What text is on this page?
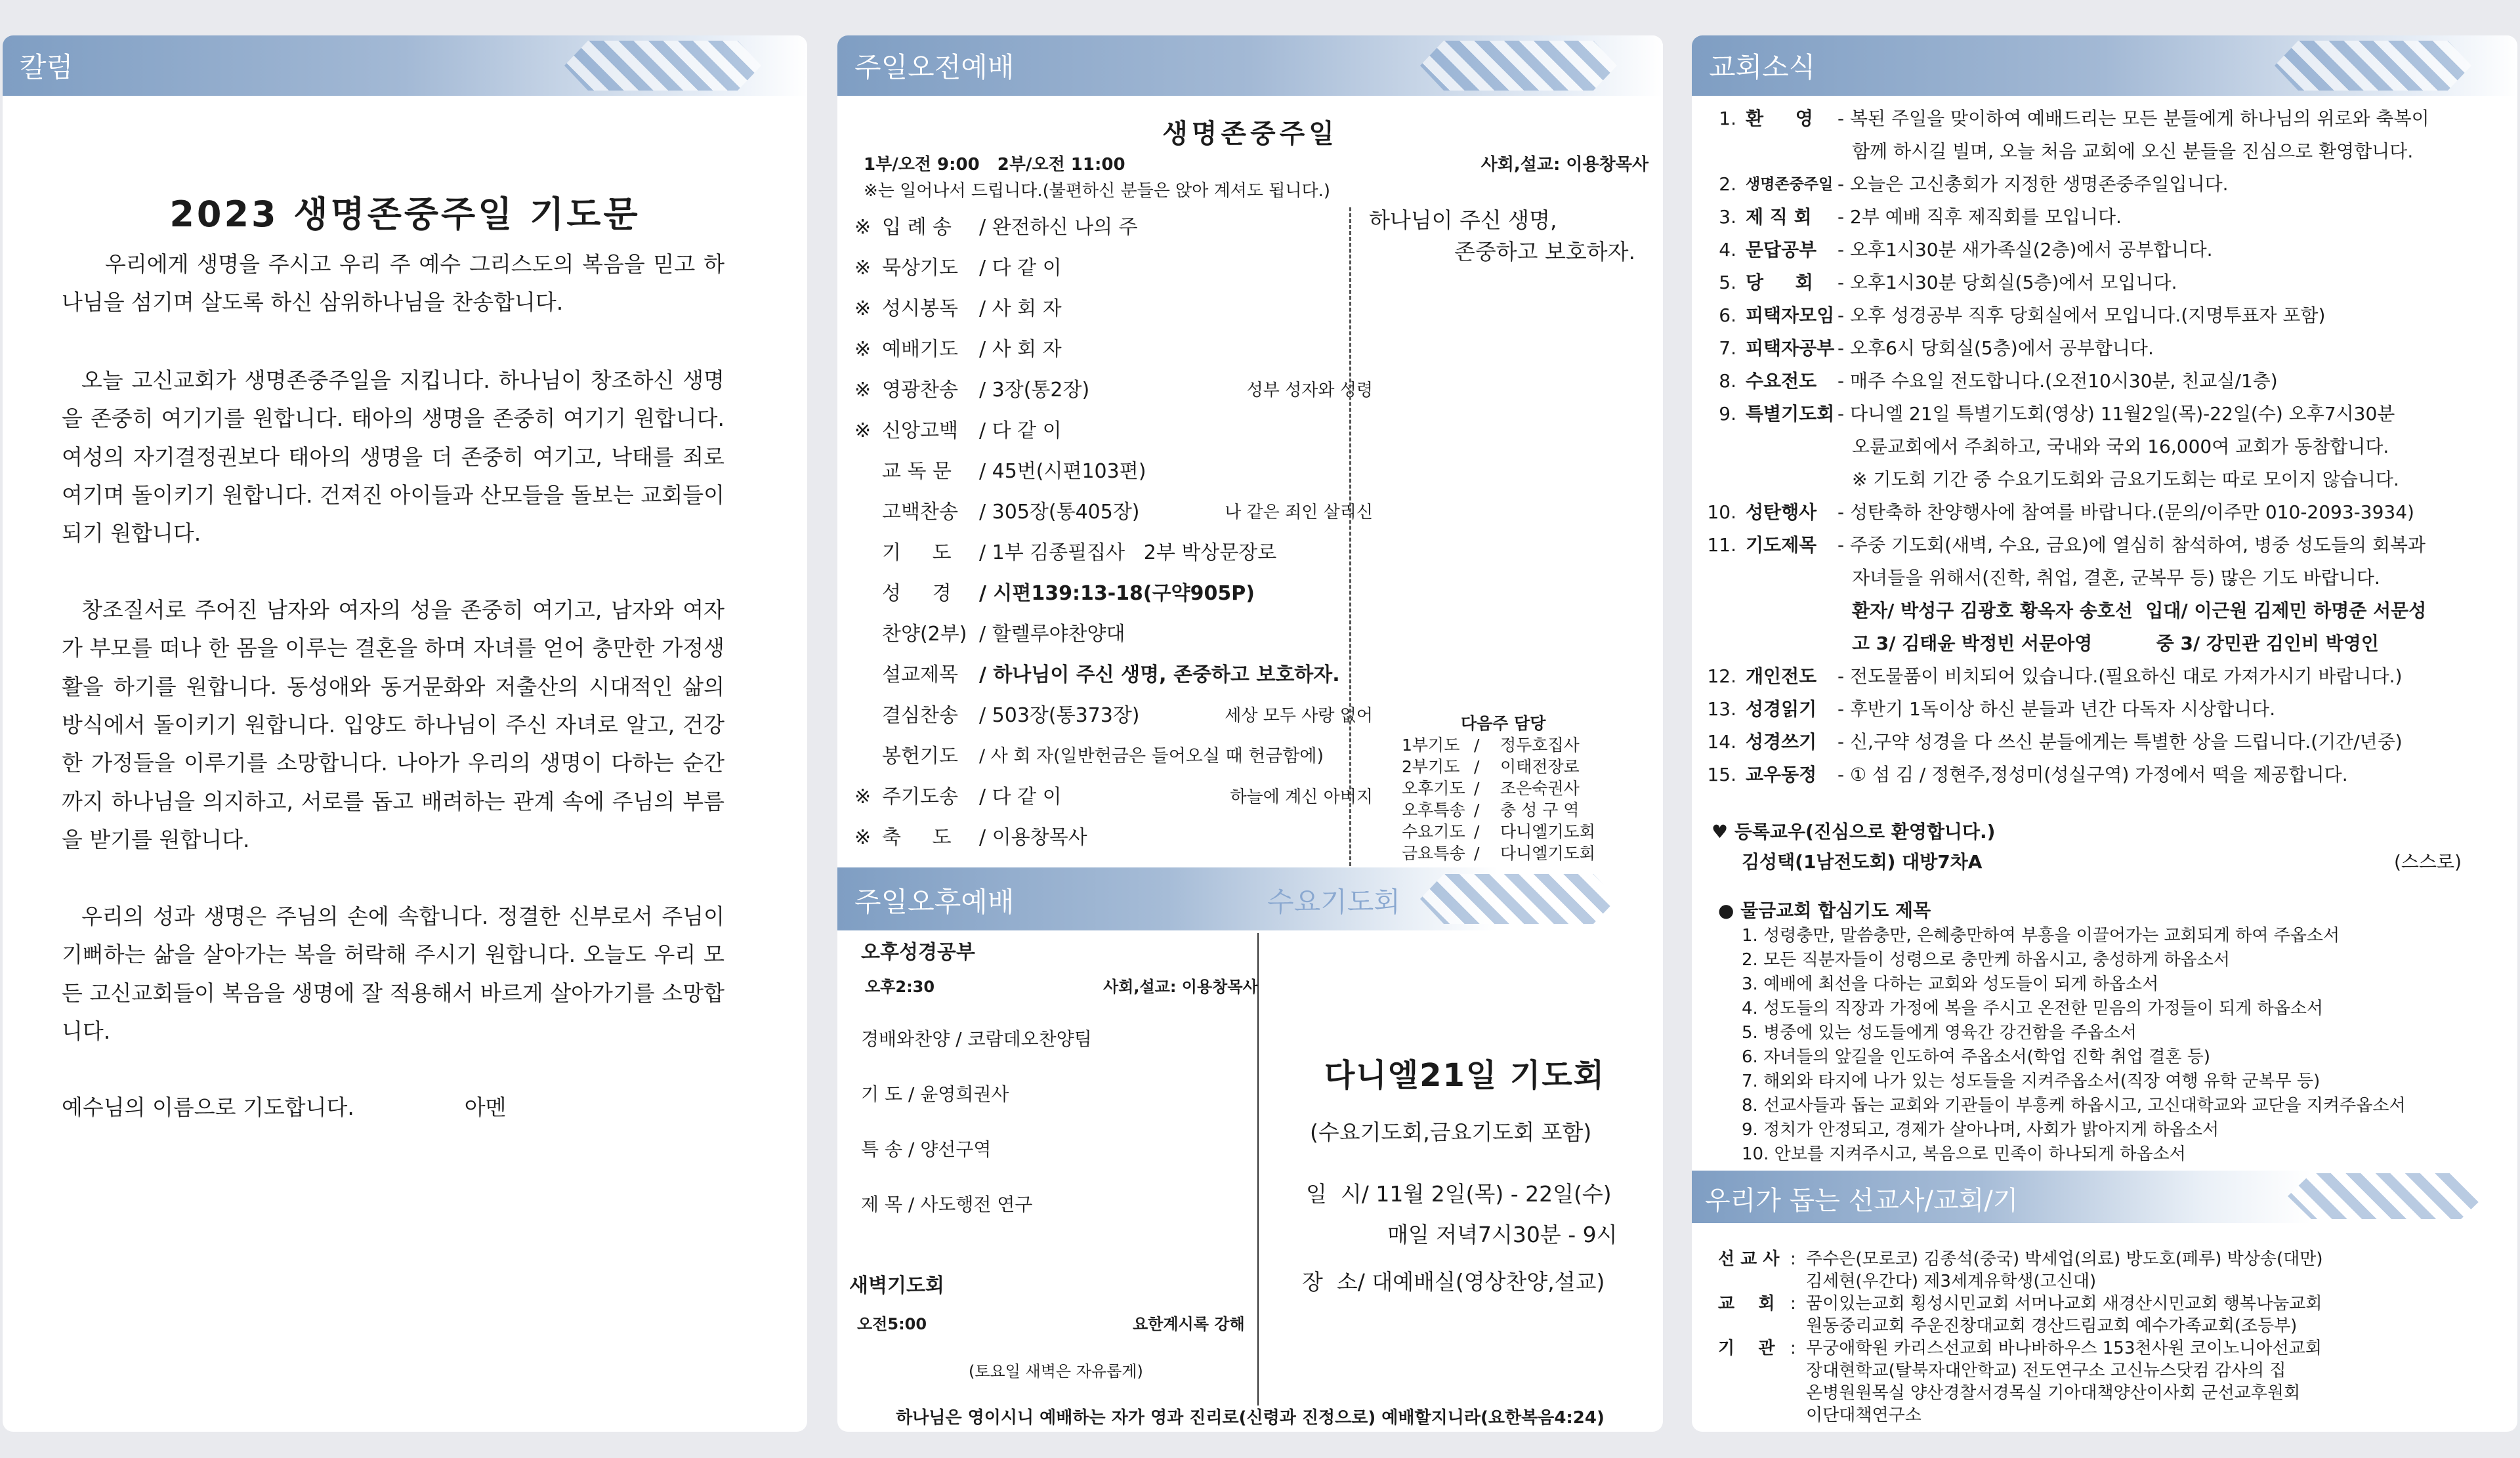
칼럼
2023 생명존중주일 기도문

우리에게 생명을 주시고 우리 주 예수 그리스도의 복음을 믿고 하나님을 섬기며 살도록 하신 삼위하나님을 찬송합니다.

오늘 고신교회가 생명존중주일을 지킵니다. 하나님이 창조하신 생명을 존중히 여기기를 원합니다. 태아의 생명을 존중히 여기기 원합니다. 여성의 자기결정권보다 태아의 생명을 더 존중히 여기고, 낙태를 죄로 여기며 돌이키기 원합니다. 건져진 아이들과 산모들을 돌보는 교회들이 되기 원합니다.

창조질서로 주어진 남자와 여자의 성을 존중히 여기고, 남자와 여자가 부모를 떠나 한 몸을 이루는 결혼을 하며 자녀를 얻어 충만한 가정생활을 하기를 원합니다. 동성애와 동거문화와 저출산의 시대적인 삶의 방식에서 돌이키기 원합니다. 입양도 하나님이 주신 자녀로 알고, 건강한 가정들을 이루기를 소망합니다. 나아가 우리의 생명이 다하는 순간까지 하나님을 의지하고, 서로를 돕고 배려하는 관계 속에 주님의 부름을 받기를 원합니다.

우리의 성과 생명은 주님의 손에 속합니다. 정결한 신부로서 주님이 기뻐하는 삶을 살아가는 복을 허락해 주시기 원합니다. 오늘도 우리 모든 고신교회들이 복음을 생명에 잘 적용해서 바르게 살아가기를 소망합니다.

예수님의 이름으로 기도합니다.                아멘

주일오전예배
생명존중주일
1부/오전 9:00   2부/오전 11:00	사회,설교: 이용창목사
※는 일어나서 드립니다.(불편하신 분들은 앉아 계셔도 됩니다.)
※ 입 례 송	/ 완전하신 나의 주
※ 묵상기도	/ 다 같 이
※ 성시봉독	/ 사 회 자
※ 예배기도	/ 사 회 자
※ 영광찬송	/ 3장(통2장)	성부 성자와 성령
※ 신앙고백	/ 다 같 이
교 독 문	/ 45번(시편103편)
고백찬송	/ 305장(통405장)	나 같은 죄인 살리신
기     도	/ 1부 김종필집사   2부 박상문장로
성     경	/ 시편139:13-18(구약905P)
찬양(2부) / 할렐루야찬양대
설교제목	/ 하나님이 주신 생명, 존중하고 보호하자.
결심찬송	/ 503장(통373장)	세상 모두 사랑 없어
봉헌기도	/ 사 회 자(일반헌금은 들어오실 때 헌금함에)
※ 주기도송	/ 다 같 이	하늘에 계신 아버지
※ 축     도	/ 이용창목사
하나님이 주신 생명,
존중하고 보호하자.
다음주 담당
1부기도 /	정두호집사
2부기도 /	이태전장로
오후기도 /	조은숙권사
오후특송 /	충 성 구 역
수요기도 /	다니엘기도회
금요특송 /	다니엘기도회
주일오후예배	수요기도회
오후성경공부
오후2:30	사회,설교: 이용창목사
경배와찬양 / 코람데오찬양팀
기 도 / 윤영희권사
특 송 / 양선구역
제 목 / 사도행전 연구
새벽기도회
오전5:00	요한계시록 강해
(토요일 새벽은 자유롭게)
다니엘21일 기도회
(수요기도회,금요기도회 포함)
일  시/ 11월 2일(목) - 22일(수)
매일 저녁7시30분 - 9시
장  소/ 대예배실(영상찬양,설교)
하나님은 영이시니 예배하는 자가 영과 진리로(신령과 진정으로) 예배할지니라(요한복음4:24)
교회소식
1. 환     영	- 복된 주일을 맞이하여 예배드리는 모든 분들에게 하나님의 위로와 축복이
함께 하시길 빌며, 오늘 처음 교회에 오신 분들을 진심으로 환영합니다.
2. 생명존중주일 - 오늘은 고신총회가 지정한 생명존중주일입니다.
3. 제 직 회	- 2부 예배 직후 제직회를 모입니다.
4. 문답공부	- 오후1시30분 새가족실(2층)에서 공부합니다.
5. 당     회	- 오후1시30분 당회실(5층)에서 모입니다.
6. 피택자모임 - 오후 성경공부 직후 당회실에서 모입니다.(지명투표자 포함)
7. 피택자공부 - 오후6시 당회실(5층)에서 공부합니다.
8. 수요전도	- 매주 수요일 전도합니다.(오전10시30분, 친교실/1층)
9. 특별기도회 - 다니엘 21일 특별기도회(영상) 11월2일(목)-22일(수) 오후7시30분
오륜교회에서 주최하고, 국내와 국외 16,000여 교회가 동참합니다.
※ 기도회 기간 중 수요기도회와 금요기도회는 따로 모이지 않습니다.
10. 성탄행사	- 성탄축하 찬양행사에 참여를 바랍니다.(문의/이주만 010-2093-3934)
11. 기도제목	- 주중 기도회(새벽, 수요, 금요)에 열심히 참석하여, 병중 성도들의 회복과
자녀들을 위해서(진학, 취업, 결혼, 군복무 등) 많은 기도 바랍니다.
환자/ 박성구 김광호 황옥자 송호선  입대/ 이근원 김제민 하명준 서문성
고 3/ 김태윤 박정빈 서문아영          중 3/ 강민관 김인비 박영인
12. 개인전도	- 전도물품이 비치되어 있습니다.(필요하신 대로 가져가시기 바랍니다.)
13. 성경읽기	- 후반기 1독이상 하신 분들과 년간 다독자 시상합니다.
14. 성경쓰기	- 신,구약 성경을 다 쓰신 분들에게는 특별한 상을 드립니다.(기간/년중)
15. 교우동정	- ① 섬 김 / 정현주,정성미(성실구역) 가정에서 떡을 제공합니다.
♥ 등록교우(진심으로 환영합니다.)
김성택(1남전도회) 대방7차A	(스스로)
● 물금교회 합심기도 제목
1. 성령충만, 말씀충만, 은혜충만하여 부흥을 이끌어가는 교회되게 하여 주옵소서
2. 모든 직분자들이 성령으로 충만케 하옵시고, 충성하게 하옵소서
3. 예배에 최선을 다하는 교회와 성도들이 되게 하옵소서
4. 성도들의 직장과 가정에 복을 주시고 온전한 믿음의 가정들이 되게 하옵소서
5. 병중에 있는 성도들에게 영육간 강건함을 주옵소서
6. 자녀들의 앞길을 인도하여 주옵소서(학업 진학 취업 결혼 등)
7. 해외와 타지에 나가 있는 성도들을 지켜주옵소서(직장 여행 유학 군복무 등)
8. 선교사들과 돕는 교회와 기관들이 부흥케 하옵시고, 고신대학교와 교단을 지켜주옵소서
9. 정치가 안정되고, 경제가 살아나며, 사회가 밝아지게 하옵소서
10. 안보를 지켜주시고, 복음으로 민족이 하나되게 하옵소서
우리가 돕는 선교사/교회/기
선 교 사 : 주수은(모로코) 김종석(중국) 박세업(의료) 방도호(페루) 박상송(대만)
김세현(우간다) 제3세계유학생(고신대)
교    회 : 꿈이있는교회 횡성시민교회 서머나교회 새경산시민교회 행복나눔교회
원동중리교회 주운진창대교회 경산드림교회 예수가족교회(조등부)
기    관 : 무궁애학원 카리스선교회 바나바하우스 153천사원 코이노니아선교회
장대현학교(탈북자대안학교) 전도연구소 고신뉴스닷컴 감사의 집
온병원원목실 양산경찰서경목실 기아대책양산이사회 군선교후원회
이단대책연구소
